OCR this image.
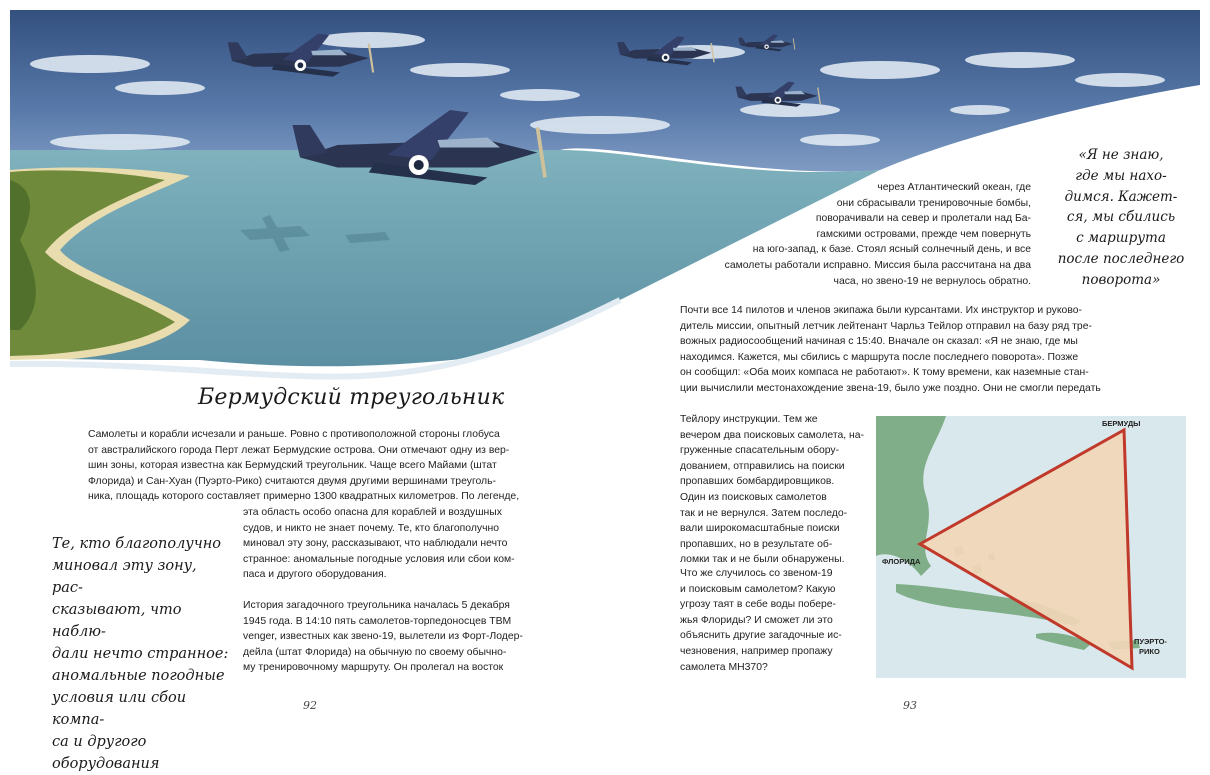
Бермудский треугольник

Самолеты и корабли исчезали и раньше. Ровно с противоположной стороны глобуса

от австралийского города Перт лежат Бермудские острова. Они отмечают одну из вер-

шин зоны, которая известна как Бермудский треугольник. Чаще всего Майами (штат

Флорида) и Сан-Хуан (Пуэрто-Рико) считаются двумя другими вершинами треуголь-

ника, площадь которого составляет примерно 1300 квадратных километров. По легенде,

эта область особо опасна для кораблей и воздушных

судов, и никто не знает почему. Те, кто благополучно

миновал эту зону, рассказывают, что наблюдали нечто

странное: аномальные погодные условия или сбои ком-

паса и другого оборудования.

История загадочного треугольника началась 5 декабря

1945 года. В 14:10 пять самолетов-торпедоносцев TBM

venger, известных как звено-19, вылетели из Форт-Лодер-

дейла (штат Флорида) на обычную по своему обычно-

му тренировочному маршруту. Он пролегал на восток

Те, кто благополучно

миновал эту зону, рас-

сказывают, что наблю-

дали нечто странное:

аномальные погодные

условия или сбои компа-

са и другого оборудования

92

через Атлантический океан, где

они сбрасывали тренировочные бомбы,

поворачивали на север и пролетали над Ба-

гамскими островами, прежде чем повернуть

на юго-запад, к базе. Стоял ясный солнечный день, и все

самолеты работали исправно. Миссия была рассчитана на два

часа, но звено-19 не вернулось обратно.

«Я не знаю,

где мы нахо-

димся. Кажет-

ся, мы сбились

с маршрута

после последнего

поворота»

Почти все 14 пилотов и членов экипажа были курсантами. Их инструктор и руково-

дитель миссии, опытный летчик лейтенант Чарльз Тейлор отправил на базу ряд тре-

вожных радиосообщений начиная с 15:40. Вначале он сказал: «Я не знаю, где мы

находимся. Кажется, мы сбились с маршрута после последнего поворота». Позже

он сообщил: «Оба моих компаса не работают». К тому времени, как наземные стан-

ции вычислили местонахождение звена-19, было уже поздно. Они не смогли передать

Тейлору инструкции. Тем же

вечером два поисковых самолета, на-

груженные спасательным обору-

дованием, отправились на поиски

пропавших бомбардировщиков.

Один из поисковых самолетов

так и не вернулся. Затем последо-

вали широкомасштабные поиски

пропавших, но в результате об-

ломки так и не были обнаружены.

Что же случилось со звеном-19

и поисковым самолетом? Какую

угрозу таят в себе воды побере-

жья Флориды? И сможет ли это

объяснить другие загадочные ис-

чезновения, например пропажу

самолета MH370?

БЕРМУДЫ
ФЛОРИДА
ПУЭРТО-
РИКО
93
